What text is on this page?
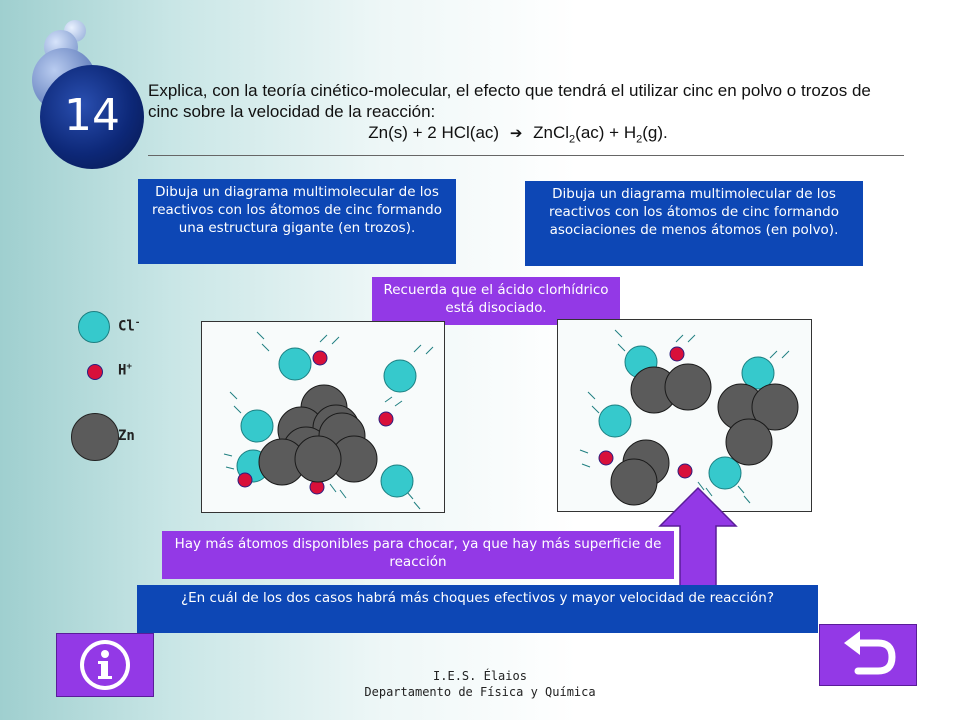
14	Explica, con la teoría cinético-molecular, el efecto que tendrá el utilizar cinc en polvo o trozos de cinc sobre la velocidad de la reacción:
Zn(s) + 2 HCl(ac) ➔ ZnCl$_2$(ac) + $H_2(g)$.
Dibuja un diagrama multimolecular de los reactivos con los átomos de cinc formando una estructura gigante (en trozos).
Dibuja un diagrama multimolecular de los reactivos con los átomos de cinc formando asociaciones de menos átomos (en polvo).
Recuerda que el ácido clorhídrico está disociado.
Cl-
H+
Zn
Hay más átomos disponibles para chocar, ya que hay más superficie de reacción
¿En cuál de los dos casos habrá más choques efectivos y mayor velocidad de reacción?
I.E.S. Élaios
Departamento de Física y Química
